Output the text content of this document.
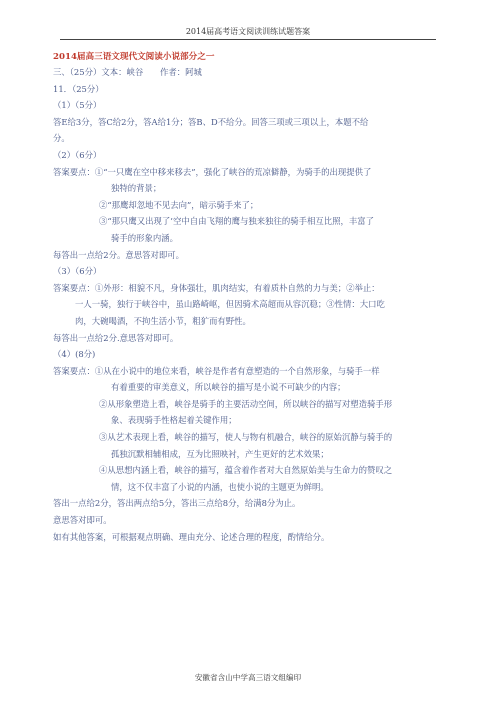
2014届高考语文阅读训练试题答案
2014届高三语文现代文阅读小说部分之一

三、（25分）文本：峡谷　　作者：阿城

11．（25分）

（1）（5分）

答E给3分，答C给2分，答A给1分；答B、D不给分。回答三项或三项以上，本题不给

分。

（2）（6分）

答案要点：①“一只鹰在空中移来移去”，强化了峡谷的荒凉僻静，为骑手的出现提供了

独特的背景；

②“那鹰却忽地不见去向”，暗示骑手来了；

③“那只鹰又出现了’空中自由飞翔的鹰与独来独往的骑手相互比照，丰富了

骑手的形象内涵。

每答出一点给2分。意思答对即可。

（3）（6分）

答案要点：①外形：相貌不凡，身体强壮，肌肉结实，有着质朴自然的力与美；②举止：

一人一骑，独行于峡谷中，虽山路崎岖，但因骑术高超而从容沉稳；③性情：大口吃

肉，大碗喝酒，不拘生活小节，粗犷而有野性。

每答出一点给2分.意思答对即可。

（4）(8分)

答案要点：①从在小说中的地位来看，峡谷是作者有意塑造的一个自然形象，与骑手一样

有着重要的审美意义，所以峡谷的描写是小说不可缺少的内容；

②从形象塑造上看，峡谷是骑手的主要活动空间，所以峡谷的描写对塑造骑手形

象、表现骑手性格起着关键作用；

③从艺术表现上看，峡谷的描写，使人与物有机融合，峡谷的原始沉静与骑手的

孤独沉默相辅相成，互为比照映衬，产生更好的艺术效果；

④从思想内涵上看，峡谷的描写，蕴含着作者对大自然原始美与生命力的赞叹之

情，这不仅丰富了小说的内涵，也使小说的主题更为鲜明。

答出一点给2分，答出两点给5分，答出三点给8分，给满8分为止。

意思答对即可。

如有其他答案，可根据观点明确、理由充分、论述合理的程度，酌情给分。

安徽省含山中学高三语文组编印
